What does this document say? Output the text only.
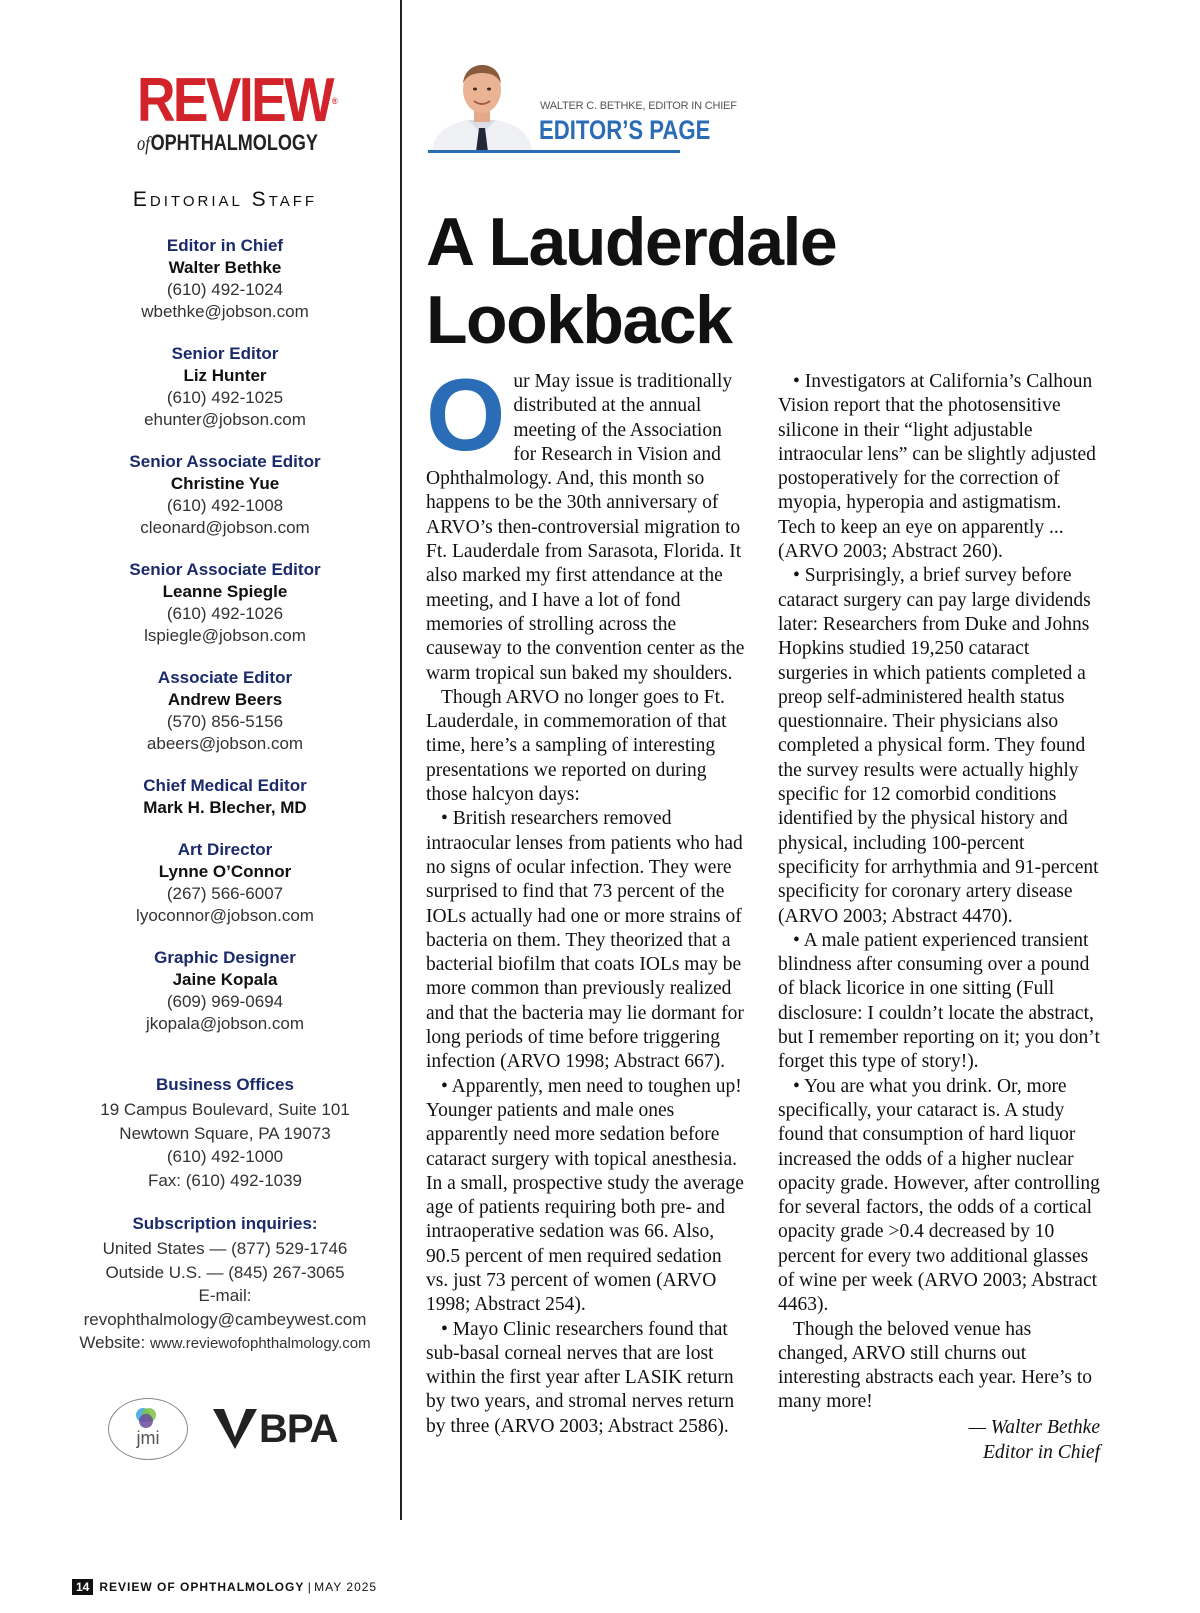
REVIEW®
ofOPHTHALMOLOGY
Editorial Staff
Editor in Chief
Walter Bethke
(610) 492-1024
wbethke@jobson.com
Senior Editor
Liz Hunter
(610) 492-1025
ehunter@jobson.com
Senior Associate Editor
Christine Yue
(610) 492-1008
cleonard@jobson.com
Senior Associate Editor
Leanne Spiegle
(610) 492-1026
lspiegle@jobson.com
Associate Editor
Andrew Beers
(570) 856-5156
abeers@jobson.com
Chief Medical Editor
Mark H. Blecher, MD
Art Director
Lynne O’Connor
(267) 566-6007
lyoconnor@jobson.com
Graphic Designer
Jaine Kopala
(609) 969-0694
jkopala@jobson.com
Business Offices
19 Campus Boulevard, Suite 101
Newtown Square, PA 19073
(610) 492-1000
Fax: (610) 492-1039
Subscription inquiries:
United States — (877) 529-1746
Outside U.S. — (845) 267-3065
E-mail:
revophthalmology@cambeywest.com
Website: www.reviewofophthalmology.com
jmi	BPA
14 REVIEW OF OPHTHALMOLOGY | MAY 2025
WALTER C. BETHKE, EDITOR IN CHIEF
EDITOR’S PAGE
A Lauderdale
Lookback

Our May issue is traditionally distributed at the annual meeting of the Association for Research in Vision and Ophthalmology. And, this month so happens to be the 30th anniversary of ARVO’s then-controversial migration to Ft. Lauderdale from Sarasota, Florida. It also marked my first attendance at the meeting, and I have a lot of fond memories of strolling across the causeway to the convention center as the warm tropical sun baked my shoulders.

Though ARVO no longer goes to Ft. Lauderdale, in commemoration of that time, here’s a sampling of interesting presentations we reported on during those halcyon days:

• British researchers removed intraocular lenses from patients who had no signs of ocular infection. They were surprised to find that 73 percent of the IOLs actually had one or more strains of bacteria on them. They theorized that a bacterial biofilm that coats IOLs may be more common than previously realized and that the bacteria may lie dormant for long periods of time before triggering infection (ARVO 1998; Abstract 667).

• Apparently, men need to toughen up! Younger patients and male ones apparently need more sedation before cataract surgery with topical anesthesia. In a small, prospective study the average age of patients requiring both pre- and intraoperative sedation was 66. Also, 90.5 percent of men required sedation vs. just 73 percent of women (ARVO 1998; Abstract 254).

• Mayo Clinic researchers found that sub-basal corneal nerves that are lost within the first year after LASIK return by two years, and stromal nerves return by three (ARVO 2003; Abstract 2586).

• Investigators at California’s Calhoun Vision report that the photosensitive silicone in their “light adjustable intraocular lens” can be slightly adjusted postoperatively for the correction of myopia, hyperopia and astigmatism. Tech to keep an eye on apparently ... (ARVO 2003; Abstract 260).

• Surprisingly, a brief survey before cataract surgery can pay large dividends later: Researchers from Duke and Johns Hopkins studied 19,250 cataract surgeries in which patients completed a preop self-administered health status questionnaire. Their physicians also completed a physical form. They found the survey results were actually highly specific for 12 comorbid conditions identified by the physical history and physical, including 100-percent specificity for arrhythmia and 91-percent specificity for coronary artery disease (ARVO 2003; Abstract 4470).

• A male patient experienced transient blindness after consuming over a pound of black licorice in one sitting (Full disclosure: I couldn’t locate the abstract, but I remember reporting on it; you don’t forget this type of story!).

• You are what you drink. Or, more specifically, your cataract is. A study found that consumption of hard liquor increased the odds of a higher nuclear opacity grade. However, after controlling for several factors, the odds of a cortical opacity grade >0.4 decreased by 10 percent for every two additional glasses of wine per week (ARVO 2003; Abstract 4463).

Though the beloved venue has changed, ARVO still churns out interesting abstracts each year. Here’s to many more!

— Walter Bethke
Editor in Chief
